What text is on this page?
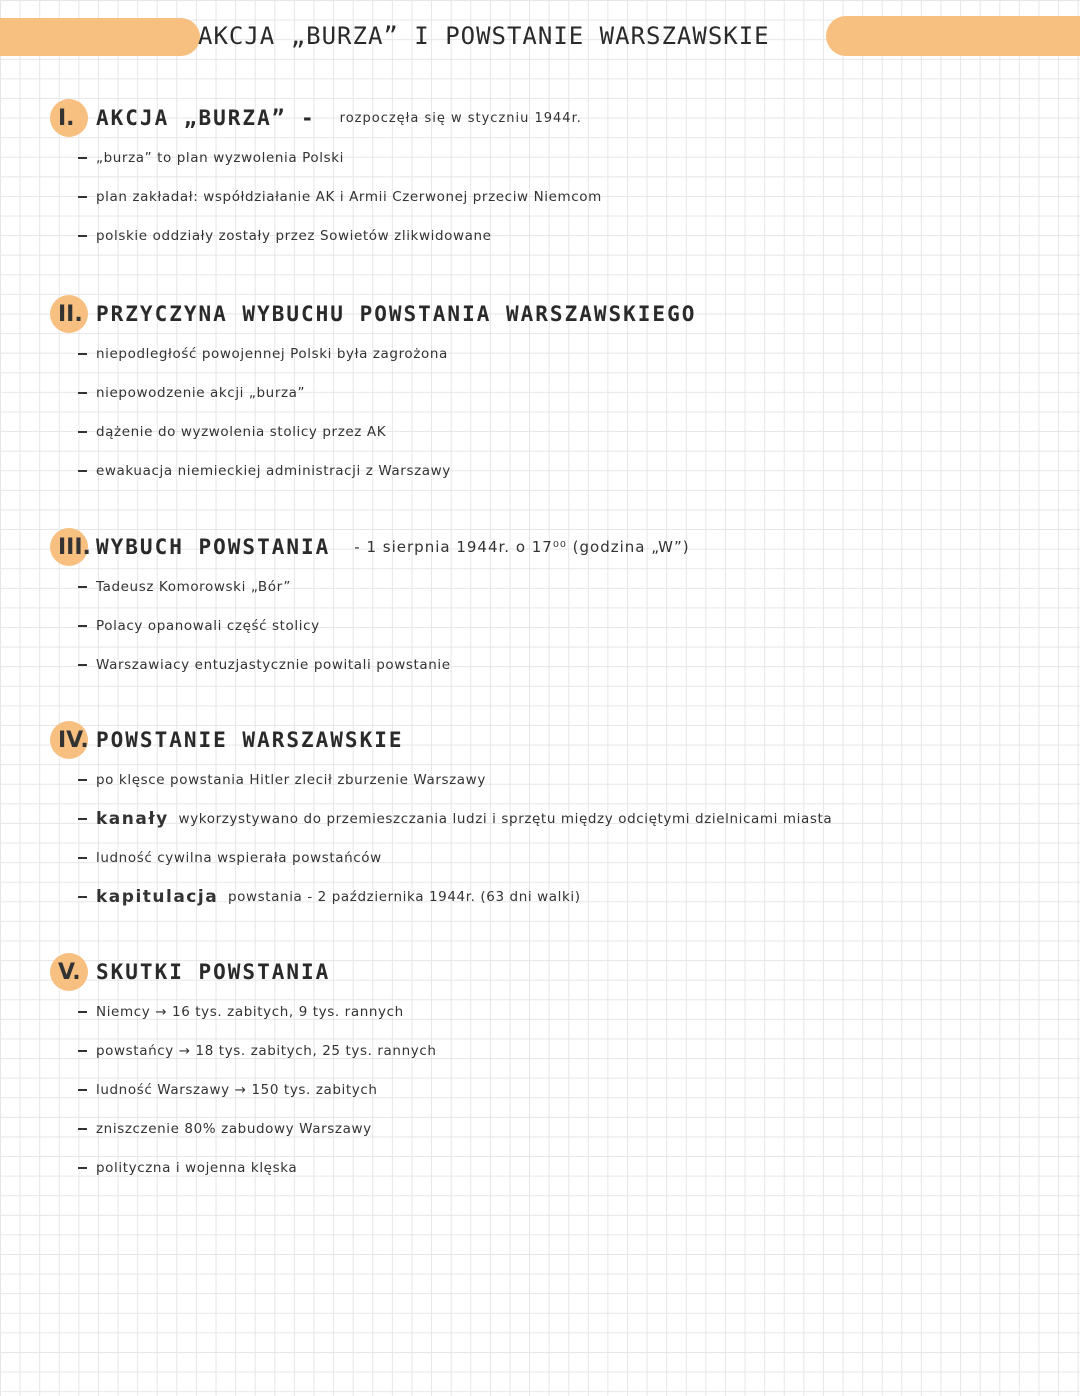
AKCJA „BURZA” I POWSTANIE WARSZAWSKIE
I.	AKCJA „BURZA” - rozpoczęła się w styczniu 1944r.
„burza” to plan wyzwolenia Polski
plan zakładał: współdziałanie AK i Armii Czerwonej przeciw Niemcom
polskie oddziały zostały przez Sowietów zlikwidowane
II. PRZYCZYNA WYBUCHU POWSTANIA WARSZAWSKIEGO
niepodległość powojennej Polski była zagrożona
niepowodzenie akcji „burza”
dążenie do wyzwolenia stolicy przez AK
ewakuacja niemieckiej administracji z Warszawy
III. WYBUCH POWSTANIA - 1 sierpnia 1944r. o 17⁰⁰ (godzina „W”)
Tadeusz Komorowski „Bór”
Polacy opanowali część stolicy
Warszawiacy entuzjastycznie powitali powstanie
IV. POWSTANIE WARSZAWSKIE
po klęsce powstania Hitler zlecił zburzenie Warszawy
kanały
wykorzystywano do przemieszczania ludzi i sprzętu między odciętymi dzielnicami miasta
ludność cywilna wspierała powstańców
kapitulacja
powstania - 2 października 1944r. (63 dni walki)
V. SKUTKI POWSTANIA
Niemcy → 16 tys. zabitych, 9 tys. rannych
powstańcy → 18 tys. zabitych, 25 tys. rannych
ludność Warszawy → 150 tys. zabitych
zniszczenie 80% zabudowy Warszawy
polityczna i wojenna klęska
